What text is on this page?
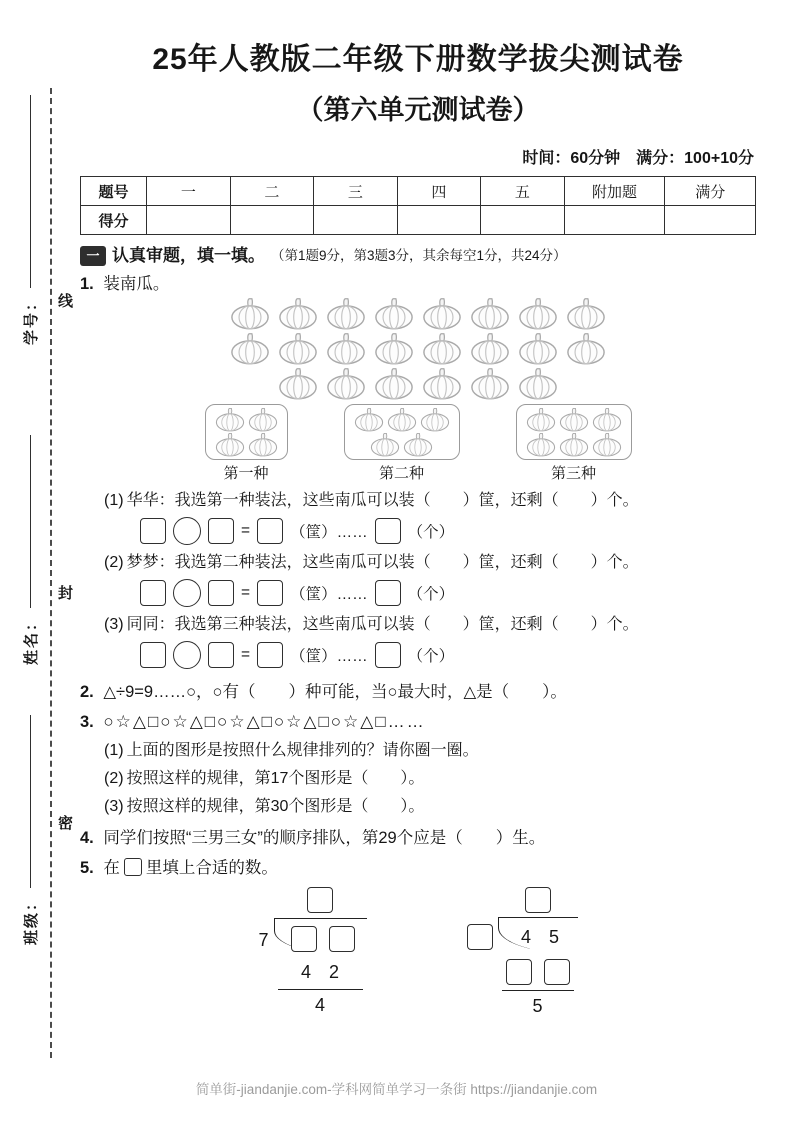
学号：
姓名：
班级：
线
封
密
25年人教版二年级下册数学拔尖测试卷
（第六单元测试卷）
时间：60分钟　满分：100+10分
题号	一	二	三	四	五	附加题	满分
得分							
一 认真审题，填一填。 （第1题9分，第3题3分，其余每空1分，共24分）
1. 装南瓜。
第一种	第二种	第三种
(1) 华华：我选第一种装法，这些南瓜可以装（　　）筐，还剩（　　）个。
=	（筐）……	（个）
(2) 梦梦：我选第二种装法，这些南瓜可以装（　　）筐，还剩（　　）个。
=	（筐）……	（个）
(3) 同同：我选第三种装法，这些南瓜可以装（　　）筐，还剩（　　）个。
=	（筐）……	（个）
2. △÷9=9……○，○有（　　）种可能，当○最大时，△是（　　）。
3. ○☆△□○☆△□○☆△□○☆△□○☆△□……
(1) 上面的图形是按照什么规律排列的？请你圈一圈。
(2) 按照这样的规律，第17个图形是（　　）。
(3) 按照这样的规律，第30个图形是（　　）。
4. 同学们按照“三男三女”的顺序排队，第29个应是（　　）生。
5. 在 里填上合适的数。
7
4 2
4
4 5
5
简单街-jiandanjie.com-学科网简单学习一条街 https://jiandanjie.com
